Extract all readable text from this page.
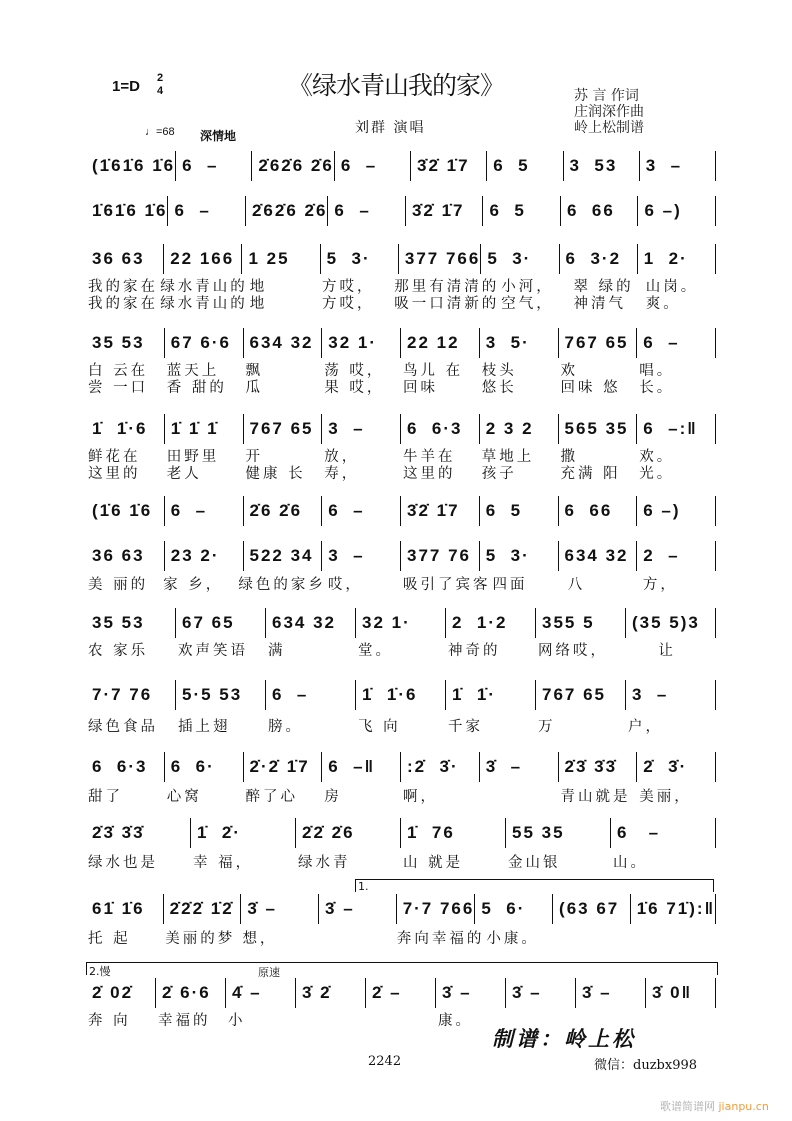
《绿水青山我的家》
1=D 2
4	苏 言 作词
庄润深作曲
岭上松制谱
刘群 演唱
♩=68 深情地
(1̇61̇6 1̇6 6  –	2̇62̇6 2̇6 6  –	3̇2̇ 1̇7	6  5	3  53	3  –
1̇61̇6 1̇6 6  –	2̇62̇6 2̇6 6  –	3̇2̇ 1̇7	6  5	6  66	6 –)
36 63	22 166 1 25	5  3·	377 766 5  3·	6  3·2	1  2·
我的家在 绿水青山的 地	方哎，	那里有清清的 小河，	翠 绿的 山岗。
我的家在 绿水青山的 地	方哎，	吸一口清新的 空气，	神清气	爽。
35 53	67 6·6	634 32 32 1·	22 12	3  5·	767 65 6  –
白 云在	蓝天上	飘	荡 哎，	鸟儿 在	枝头	欢	唱。
尝 一口	香 甜的	瓜	果 哎，	回味	悠长	回味 悠	长。
1̇  1̇·6	1̇ 1̇ 1̇	767 65 3  –	6  6·3	2 3 2	565 35 6  –:‖
鲜花在	田野里	开	放，	牛羊在	草地上	撒	欢。
这里的	老人	健康 长	寿，	这里的	孩子	充满 阳	光。
(1̇6 1̇6	6  –	2̇6 2̇6	6  –	3̇2̇ 1̇7	6  5	6  66	6 –)
36 63	23 2·	522 34 3  –	377 76 5  3·	634 32 2  –
美 丽的	家 乡，	绿色的家乡 哎，	吸引了宾客 四面	八	方，
35 53	67 65	634 32	32 1·	2  1·2	355 5	(35 5)3
农 家乐	欢声笑语	满	堂。	神奇的	网络哎，	让
7·7 76	5·5 53	6  –	1̇  1̇·6	1̇  1̇·	767 65	3  –
绿色食品	插上翅	膀。	飞 向	千家	万	户，
6  6·3	6  6·	2̇·2̇ 1̇7	6  –‖	:2̇  3̇·	3̇  –	2̇3̇ 3̇3̇	2̇  3̇·
甜了	心窝	醉了心	房	啊，	青山就是 美丽，
2̇3̇ 3̇3̇	1̇  2̇·	2̇2̇ 2̇6	1̇  76	55 35	6   –
绿水也是	幸 福，	绿水青	山 就是	金山银	山。
61̇ 1̇6	2̇2̇2̇ 1̇2̇ 3̇ –	3̇ –	7·7 766 5  6·	(63 67	1̇6 71̇):‖
托 起	美丽的梦 想，	奔向幸福的 小康。
2̇ 02̇	2̇ 6·6	4̇ –	3̇ 2̇	2̇ –	3̇ –	3̇ –	3̇ –	3̇ 0‖
奔 向	幸福的	小	康。
1.
2.慢	原速
制谱：岭上松
2242	微信：duzbx998
歌谱简谱网 jianpu.cn
